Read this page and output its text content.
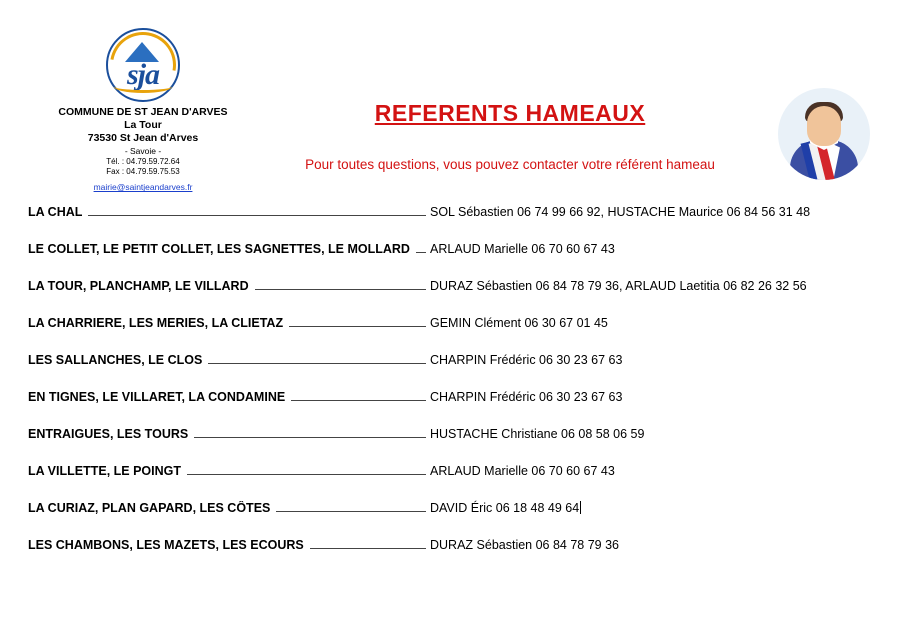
sja
COMMUNE DE ST JEAN D'ARVES
La Tour
73530 St Jean d'Arves
- Savoie -
Tél. : 04.79.59.72.64
Fax : 04.79.59.75.53
mairie@saintjeandarves.fr
REFERENTS HAMEAUX
Pour toutes questions, vous pouvez contacter votre référent hameau
LA CHAL	SOL Sébastien 06 74 99 66 92, HUSTACHE Maurice 06 84 56 31 48
LE COLLET, LE PETIT COLLET, LES SAGNETTES, LE MOLLARD	ARLAUD Marielle 06 70 60 67 43
LA TOUR, PLANCHAMP, LE VILLARD	DURAZ Sébastien 06 84 78 79 36, ARLAUD Laetitia 06 82 26 32 56
LA CHARRIERE, LES MERIES, LA CLIETAZ	GEMIN Clément 06 30 67 01 45
LES SALLANCHES, LE CLOS	CHARPIN Frédéric 06 30 23 67 63
EN TIGNES, LE VILLARET, LA CONDAMINE	CHARPIN Frédéric 06 30 23 67 63
ENTRAIGUES, LES TOURS	HUSTACHE Christiane 06 08 58 06 59
LA VILLETTE, LE POINGT	ARLAUD Marielle 06 70 60 67 43
LA CURIAZ, PLAN GAPARD, LES CÔTES	DAVID Éric 06 18 48 49 64
LES CHAMBONS, LES MAZETS, LES ECOURS	DURAZ Sébastien 06 84 78 79 36
